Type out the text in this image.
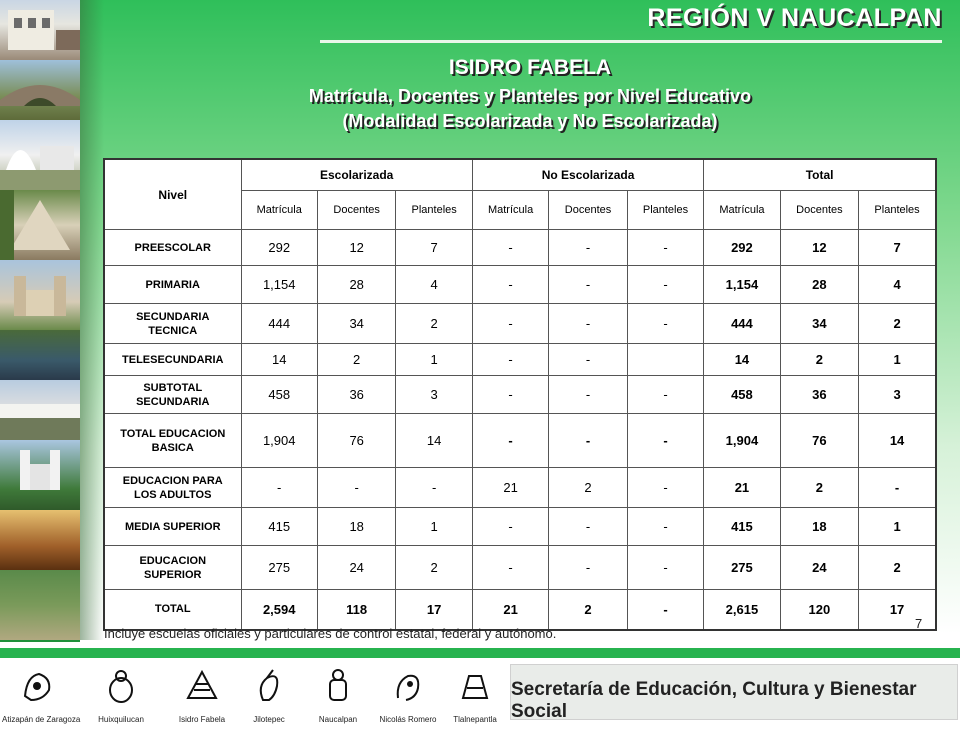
REGIÓN V NAUCALPAN
ISIDRO FABELA
Matrícula, Docentes y Planteles por Nivel Educativo
(Modalidad Escolarizada y No Escolarizada)
Nivel	Escolarizada			No Escolarizada			Total		
	Matrícula	Docentes	Planteles	Matrícula	Docentes	Planteles	Matrícula	Docentes	Planteles
PREESCOLAR	292	12	7	-	-	-	292	12	7
PRIMARIA	1,154	28	4	-	-	-	1,154	28	4
SECUNDARIA TECNICA	444	34	2	-	-	-	444	34	2
TELESECUNDARIA	14	2	1	-	-		14	2	1
SUBTOTAL SECUNDARIA	458	36	3	-	-	-	458	36	3
TOTAL EDUCACION BASICA	1,904	76	14	-	-	-	1,904	76	14
EDUCACION PARA LOS ADULTOS	-	-	-	21	2	-	21	2	-
MEDIA SUPERIOR	415	18	1	-	-	-	415	18	1
EDUCACION SUPERIOR	275	24	2	-	-	-	275	24	2
TOTAL	2,594	118	17	21	2	-	2,615	120	17
Incluye escuelas oficiales y particulares de control estatal, federal y autónomo.
7
Atizapán de Zaragoza	Huixquilucan	Isidro Fabela	Jilotepec	Naucalpan	Nicolás Romero	Tlalnepantla
Secretaría de Educación, Cultura y Bienestar Social
